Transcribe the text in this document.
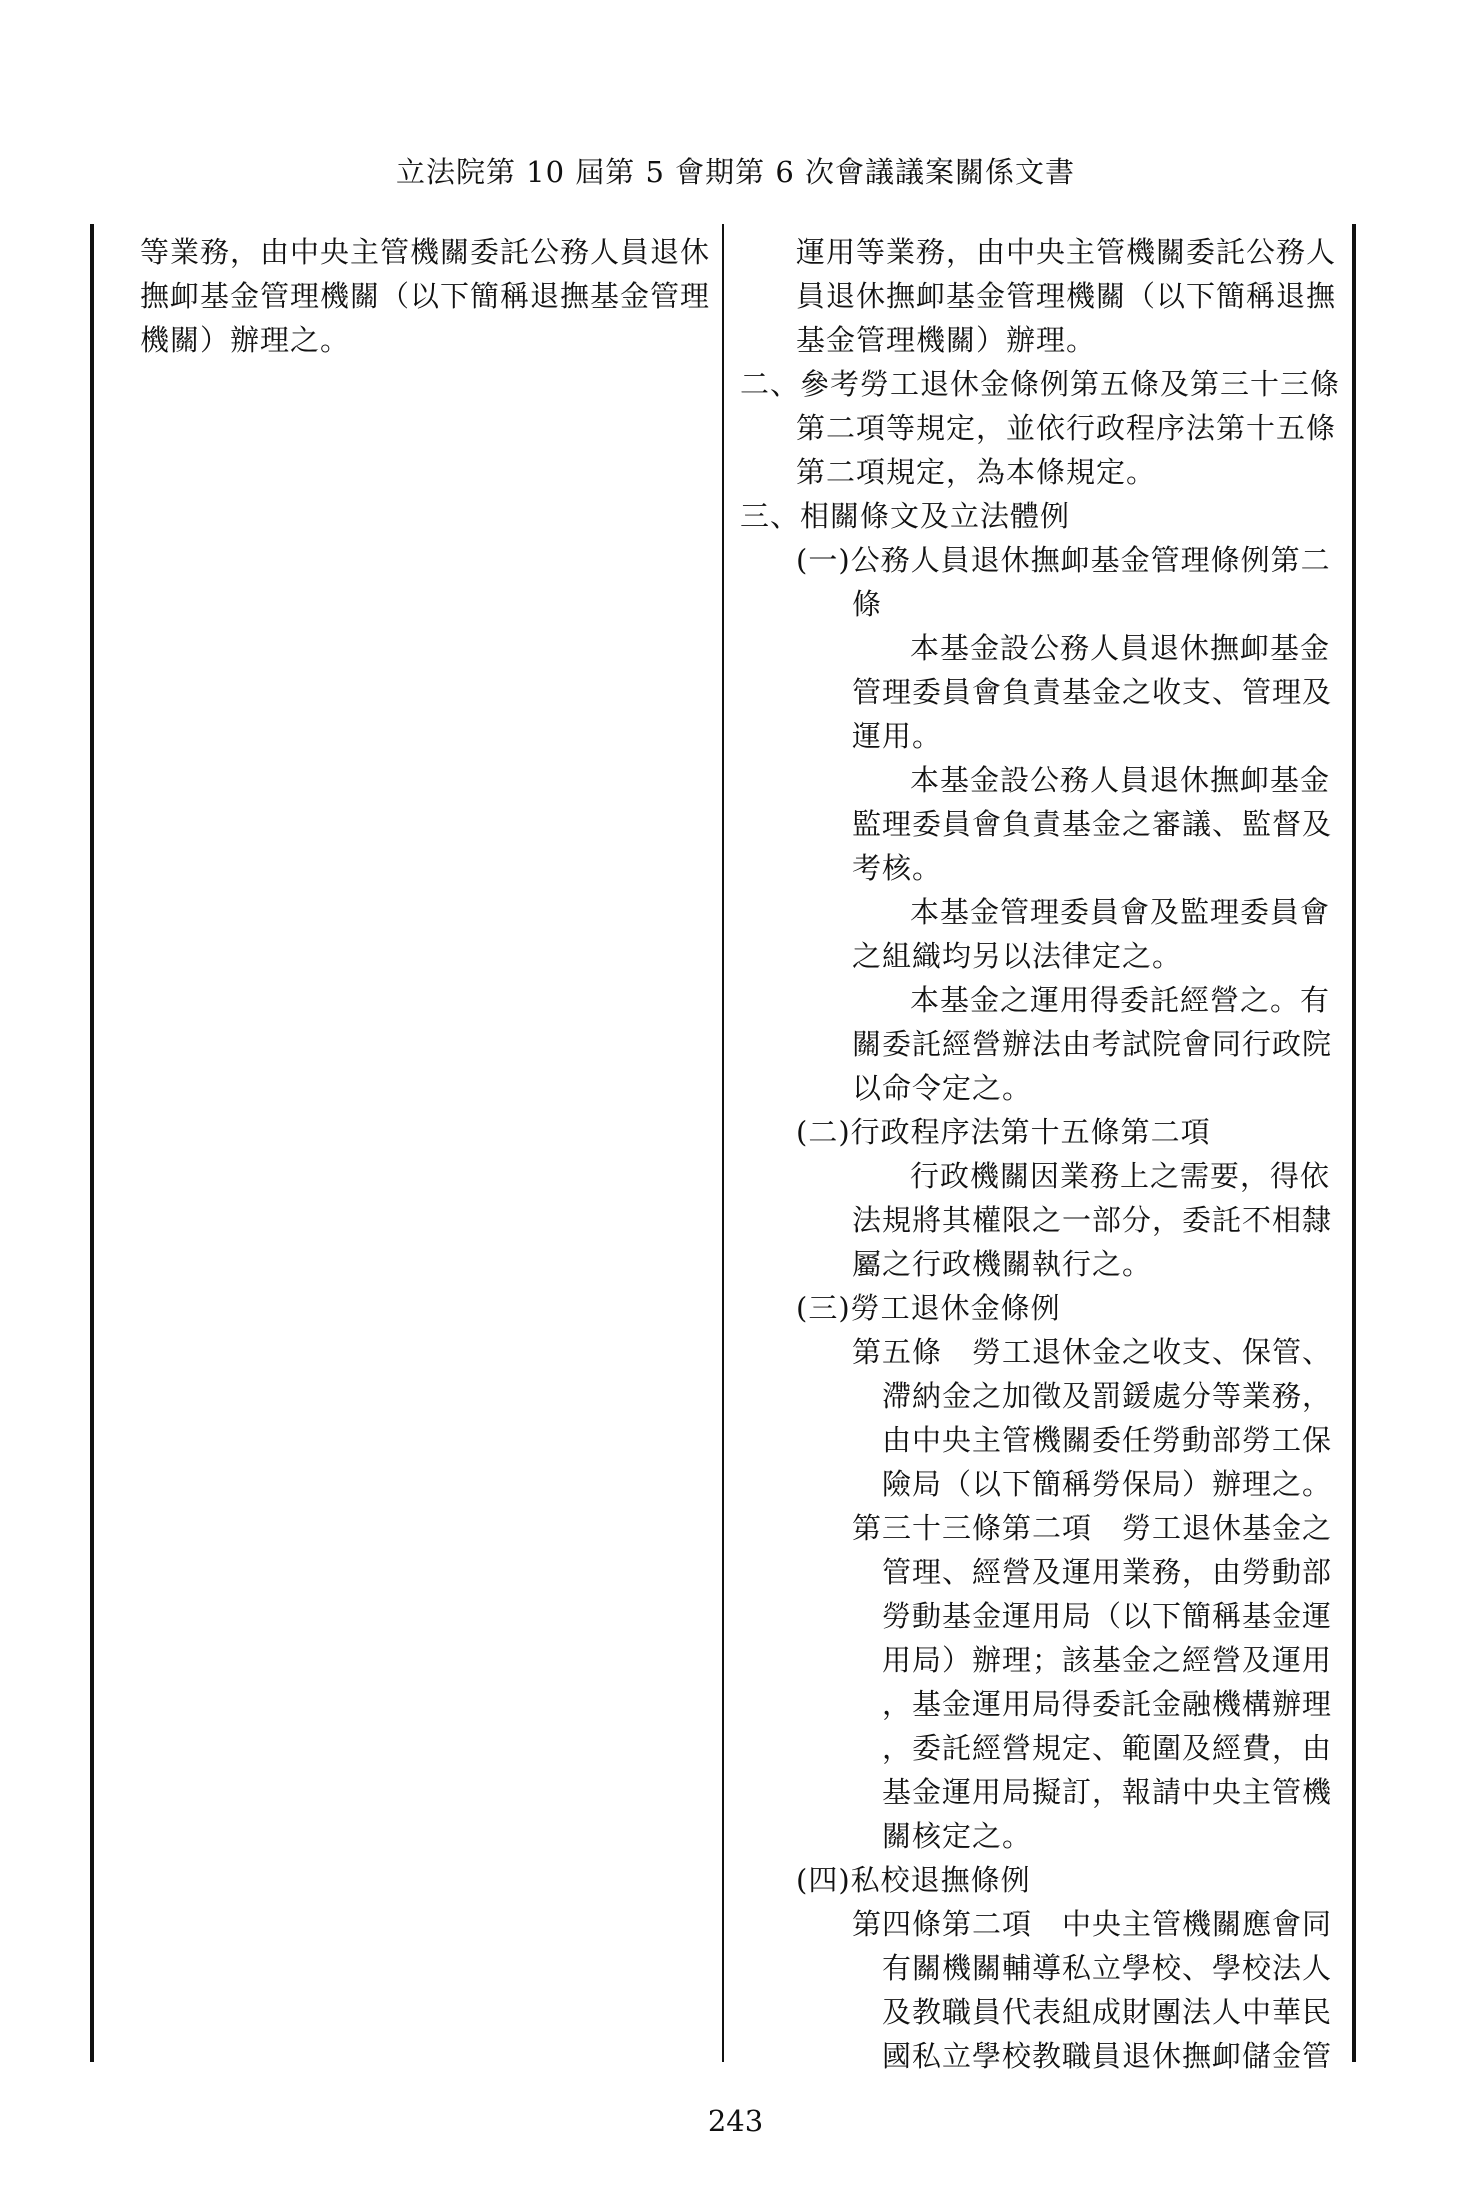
立法院第 10 屆第 5 會期第 6 次會議議案關係文書
等業務，由中央主管機關委託公務人員退休
撫卹基金管理機關（以下簡稱退撫基金管理
機關）辦理之。
運用等業務，由中央主管機關委託公務人
員退休撫卹基金管理機關（以下簡稱退撫
基金管理機關）辦理。
二、參考勞工退休金條例第五條及第三十三條
第二項等規定，並依行政程序法第十五條
第二項規定，為本條規定。
三、相關條文及立法體例
(一)公務人員退休撫卹基金管理條例第二
條
本基金設公務人員退休撫卹基金
管理委員會負責基金之收支、管理及
運用。
本基金設公務人員退休撫卹基金
監理委員會負責基金之審議、監督及
考核。
本基金管理委員會及監理委員會
之組織均另以法律定之。
本基金之運用得委託經營之。有
關委託經營辦法由考試院會同行政院
以命令定之。
(二)行政程序法第十五條第二項
行政機關因業務上之需要，得依
法規將其權限之一部分，委託不相隸
屬之行政機關執行之。
(三)勞工退休金條例
第五條　勞工退休金之收支、保管、
滯納金之加徵及罰鍰處分等業務，
由中央主管機關委任勞動部勞工保
險局（以下簡稱勞保局）辦理之。
第三十三條第二項　勞工退休基金之
管理、經營及運用業務，由勞動部
勞動基金運用局（以下簡稱基金運
用局）辦理；該基金之經營及運用
，基金運用局得委託金融機構辦理
，委託經營規定、範圍及經費，由
基金運用局擬訂，報請中央主管機
關核定之。
(四)私校退撫條例
第四條第二項　中央主管機關應會同
有關機關輔導私立學校、學校法人
及教職員代表組成財團法人中華民
國私立學校教職員退休撫卹儲金管
243
